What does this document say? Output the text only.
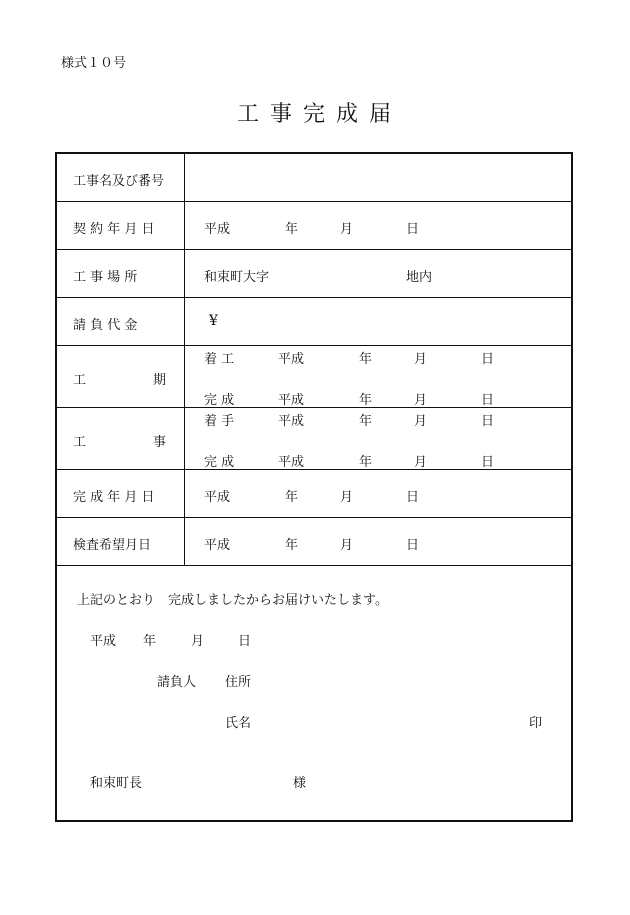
様式１０号
工 事 完 成 届
工事名及び番号
契 約 年 月 日	平成	年	月	日
工 事 場 所	和束町大字	地内
請 負 代 金	¥
工	期
着 工	平成	年	月	日
完 成	平成	年	月	日
工	事
着 手	平成	年	月	日
完 成	平成	年	月	日
完 成 年 月 日	平成	年	月	日
検査希望月日	平成	年	月	日
上記のとおり　完成しましたからお届けいたします。
平成 年	月	日
請負人 住所
氏名	印
和束町長	様
